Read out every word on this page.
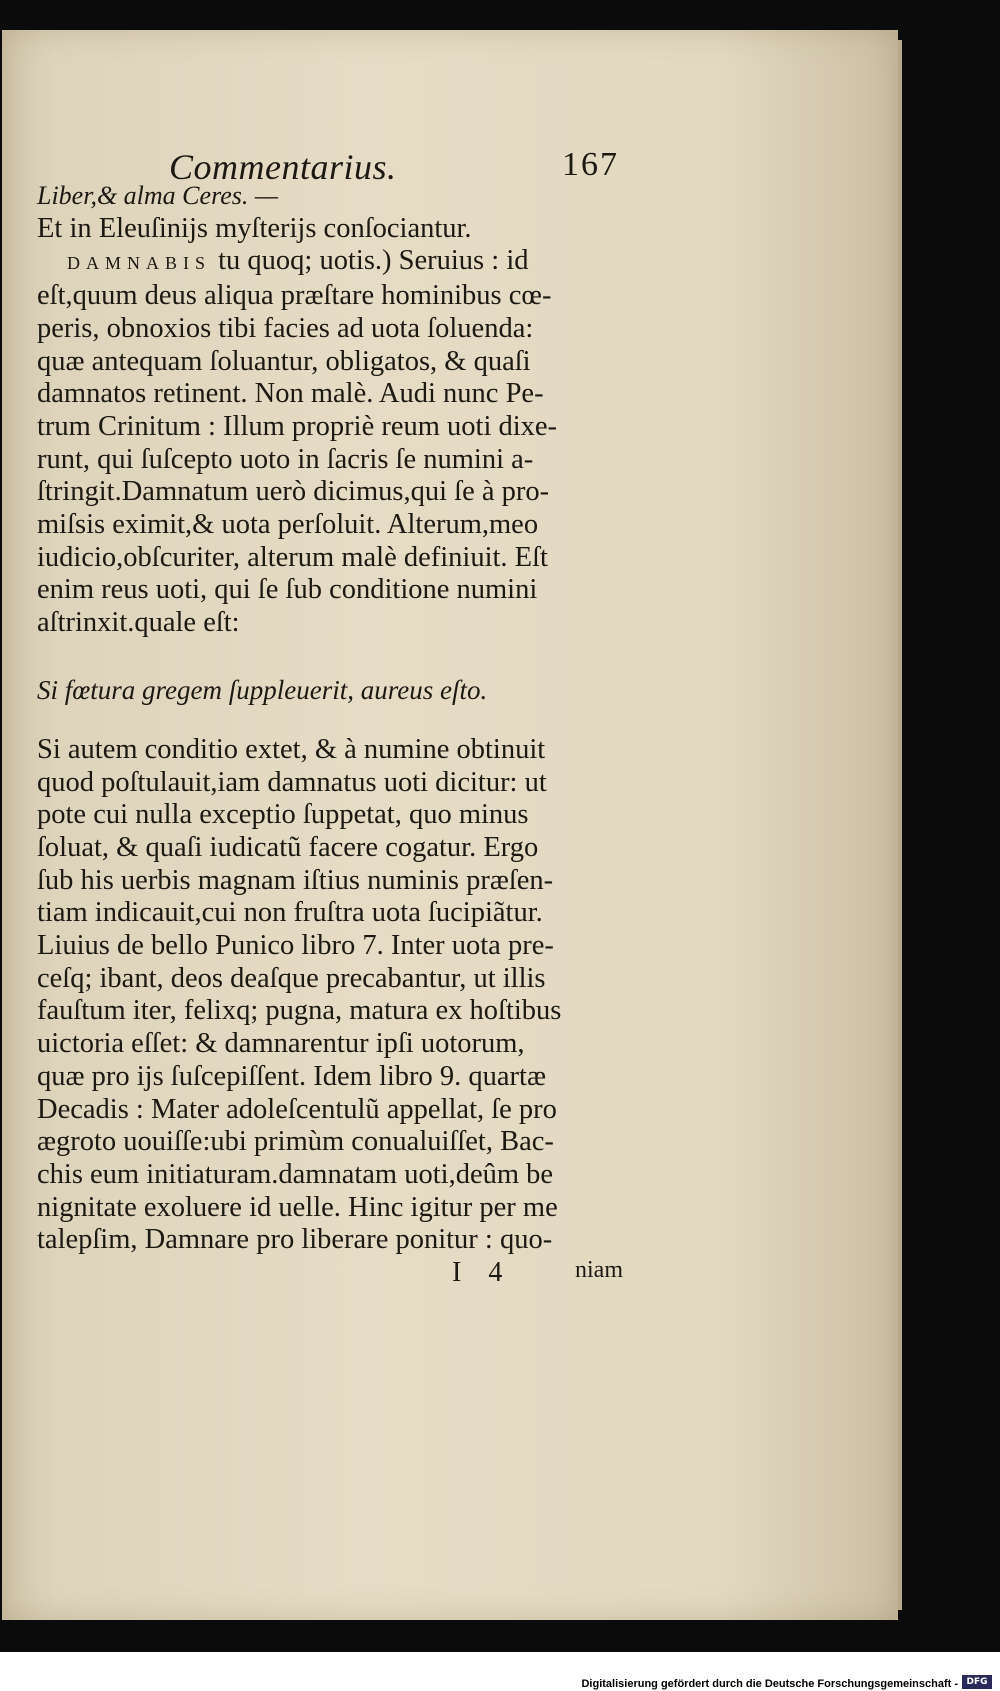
Commentarius.	167

Liber,& alma Ceres. —

Et in Eleuſinijs myſterijs conſociantur.

DAMNABIS tu quoq; uotis.) Seruius : id

eſt,quum deus aliqua præſtare hominibus cœ-

peris, obnoxios tibi facies ad uota ſoluenda:

quæ antequam ſoluantur, obligatos, & quaſi

damnatos retinent. Non malè. Audi nunc Pe-

trum Crinitum : Illum propriè reum uoti dixe-

runt, qui ſuſcepto uoto in ſacris ſe numini a-

ſtringit.Damnatum uerò dicimus,qui ſe à pro-

miſsis eximit,& uota perſoluit. Alterum,meo

iudicio,obſcuriter, alterum malè definiuit. Eſt

enim reus uoti, qui ſe ſub conditione numini

aſtrinxit.quale eſt:

Si fœtura gregem ſuppleuerit, aureus eſto.

Si autem conditio extet, & à numine obtinuit

quod poſtulauit,iam damnatus uoti dicitur: ut

pote cui nulla exceptio ſuppetat, quo minus

ſoluat, & quaſi iudicatũ facere cogatur. Ergo

ſub his uerbis magnam iſtius numinis præſen-

tiam indicauit,cui non fruſtra uota ſucipiãtur.

Liuius de bello Punico libro 7. Inter uota pre-

ceſq; ibant, deos deaſque precabantur, ut illis

fauſtum iter, felixq; pugna, matura ex hoſtibus

uictoria eſſet: & damnarentur ipſi uotorum,

quæ pro ijs ſuſcepiſſent. Idem libro 9. quartæ

Decadis : Mater adoleſcentulũ appellat, ſe pro

ægroto uouiſſe:ubi primùm conualuiſſet, Bac-

chis eum initiaturam.damnatam uoti,deûm be

nignitate exoluere id uelle. Hinc igitur per me

talepſim, Damnare pro liberare ponitur : quo-

I 4	niam
Digitalisierung gefördert durch die Deutsche Forschungsgemeinschaft - DFG
